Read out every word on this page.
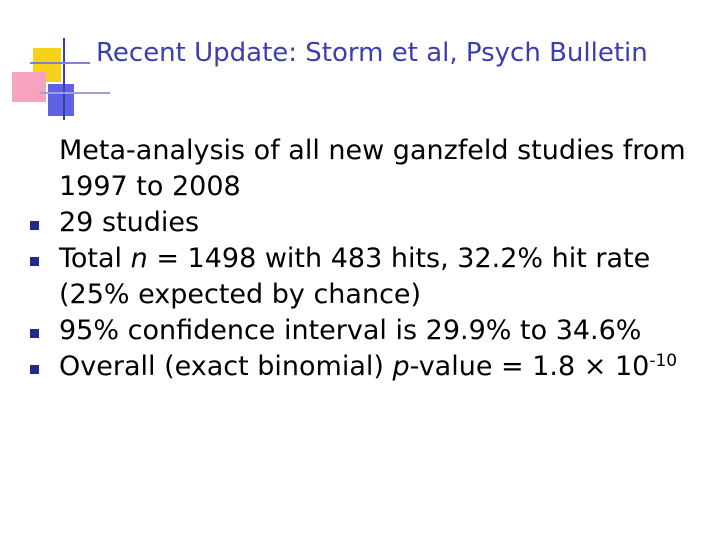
Recent Update: Storm et al, Psych Bulletin
Meta-analysis of all new ganzfeld studies from 1997 to 2008
29 studies
Total n = 1498 with 483 hits, 32.2% hit rate (25% expected by chance)
95% confidence interval is 29.9% to 34.6%
Overall (exact binomial) p-value = $1.8 \times 10^{-10}$
